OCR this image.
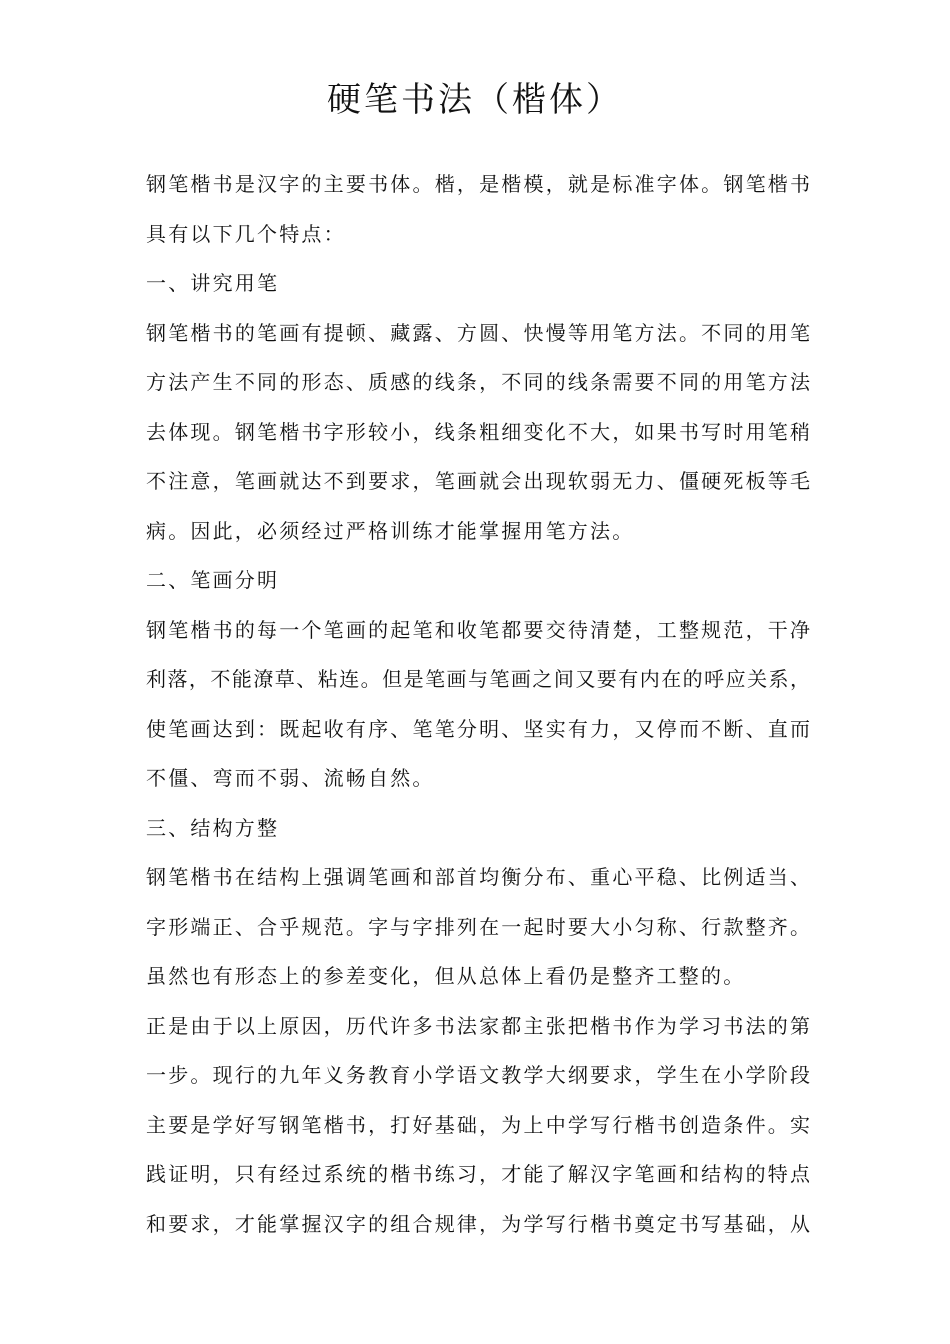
硬笔书法（楷体）
钢笔楷书是汉字的主要书体。楷，是楷模，就是标准字体。钢笔楷书
具有以下几个特点：
一、讲究用笔
钢笔楷书的笔画有提顿、藏露、方圆、快慢等用笔方法。不同的用笔
方法产生不同的形态、质感的线条，不同的线条需要不同的用笔方法
去体现。钢笔楷书字形较小，线条粗细变化不大，如果书写时用笔稍
不注意，笔画就达不到要求，笔画就会出现软弱无力、僵硬死板等毛
病。因此，必须经过严格训练才能掌握用笔方法。
二、笔画分明
钢笔楷书的每一个笔画的起笔和收笔都要交待清楚，工整规范，干净
利落，不能潦草、粘连。但是笔画与笔画之间又要有内在的呼应关系，
使笔画达到：既起收有序、笔笔分明、坚实有力，又停而不断、直而
不僵、弯而不弱、流畅自然。
三、结构方整
钢笔楷书在结构上强调笔画和部首均衡分布、重心平稳、比例适当、
字形端正、合乎规范。字与字排列在一起时要大小匀称、行款整齐。
虽然也有形态上的参差变化，但从总体上看仍是整齐工整的。
正是由于以上原因，历代许多书法家都主张把楷书作为学习书法的第
一步。现行的九年义务教育小学语文教学大纲要求，学生在小学阶段
主要是学好写钢笔楷书，打好基础，为上中学写行楷书创造条件。实
践证明，只有经过系统的楷书练习，才能了解汉字笔画和结构的特点
和要求，才能掌握汉字的组合规律，为学写行楷书奠定书写基础，从
